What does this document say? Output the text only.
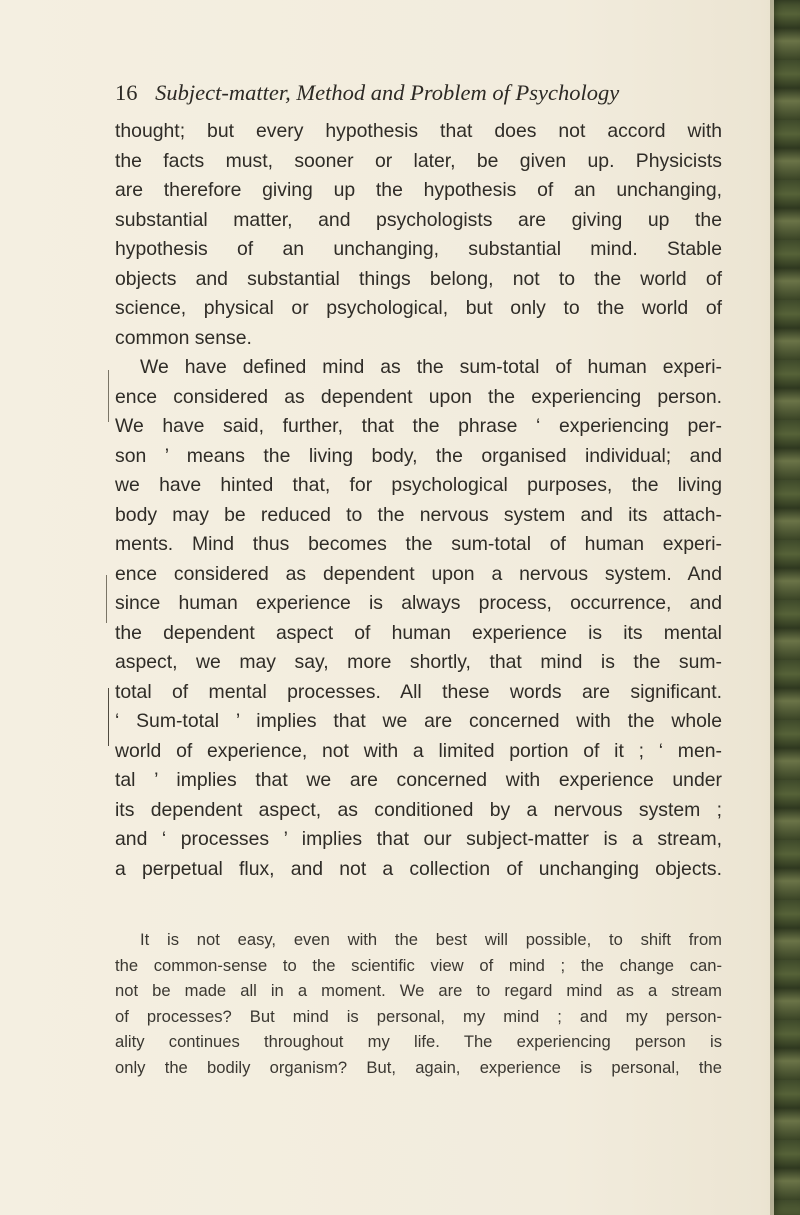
16 Subject-matter, Method and Problem of Psychology
thought; but every hypothesis that does not accord with
the facts must, sooner or later, be given up. Physicists
are therefore giving up the hypothesis of an unchanging,
substantial matter, and psychologists are giving up the
hypothesis of an unchanging, substantial mind. Stable
objects and substantial things belong, not to the world of
science, physical or psychological, but only to the world of
common sense.
We have defined mind as the sum-total of human experi-
ence considered as dependent upon the experiencing person.
We have said, further, that the phrase ‘ experiencing per-
son ’ means the living body, the organised individual; and
we have hinted that, for psychological purposes, the living
body may be reduced to the nervous system and its attach-
ments. Mind thus becomes the sum-total of human experi-
ence considered as dependent upon a nervous system. And
since human experience is always process, occurrence, and
the dependent aspect of human experience is its mental
aspect, we may say, more shortly, that mind is the sum-
total of mental processes. All these words are significant.
‘ Sum-total ’ implies that we are concerned with the whole
world of experience, not with a limited portion of it ; ‘ men-
tal ’ implies that we are concerned with experience under
its dependent aspect, as conditioned by a nervous system ;
and ‘ processes ’ implies that our subject-matter is a stream,
a perpetual flux, and not a collection of unchanging objects.
It is not easy, even with the best will possible, to shift from
the common-sense to the scientific view of mind ; the change can-
not be made all in a moment. We are to regard mind as a stream
of processes? But mind is personal, my mind ; and my person-
ality continues throughout my life. The experiencing person is
only the bodily organism? But, again, experience is personal, the
